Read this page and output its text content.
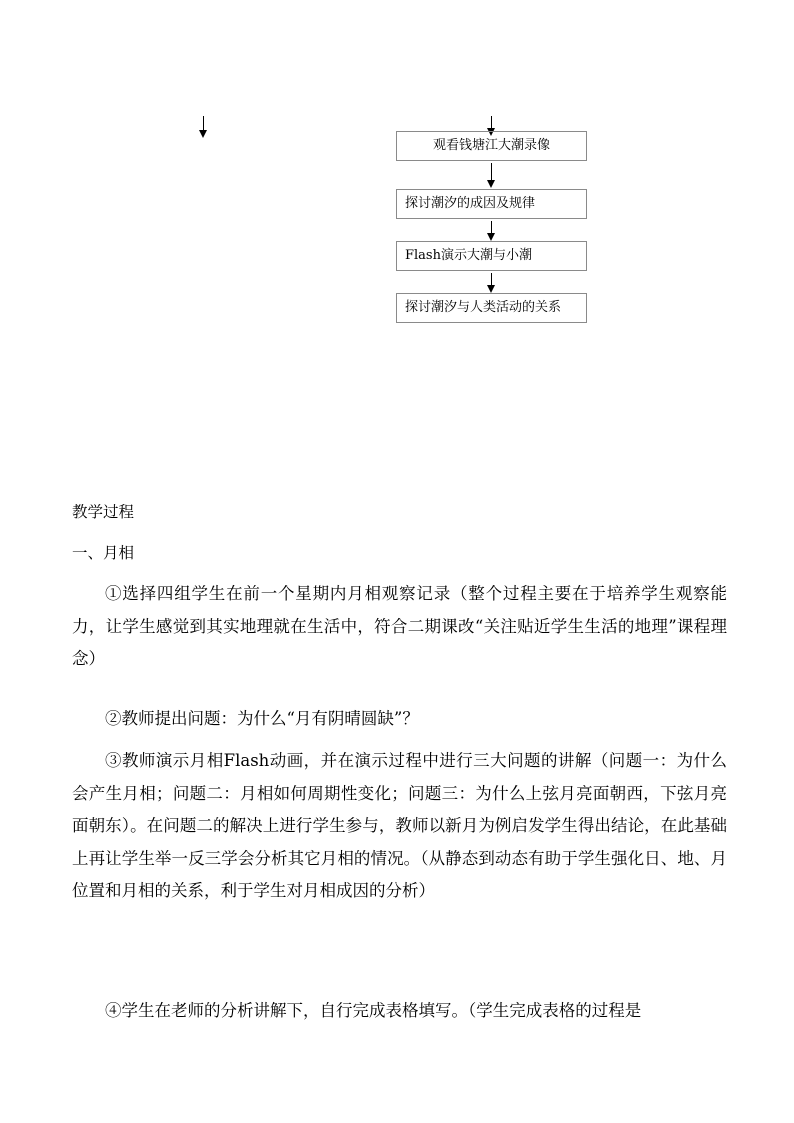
观看钱塘江大潮录像
探讨潮汐的成因及规律
Flash演示大潮与小潮
探讨潮汐与人类活动的关系
教学过程
一、月相
①选择四组学生在前一个星期内月相观察记录（整个过程主要在于培养学生观察能力，让学生感觉到其实地理就在生活中，符合二期课改“关注贴近学生生活的地理”课程理念）
②教师提出问题：为什么“月有阴晴圆缺”？
③教师演示月相Flash动画，并在演示过程中进行三大问题的讲解（问题一：为什么会产生月相；问题二：月相如何周期性变化；问题三：为什么上弦月亮面朝西，下弦月亮面朝东）。在问题二的解决上进行学生参与，教师以新月为例启发学生得出结论，在此基础上再让学生举一反三学会分析其它月相的情况。（从静态到动态有助于学生强化日、地、月位置和月相的关系，利于学生对月相成因的分析）
④学生在老师的分析讲解下，自行完成表格填写。（学生完成表格的过程是
